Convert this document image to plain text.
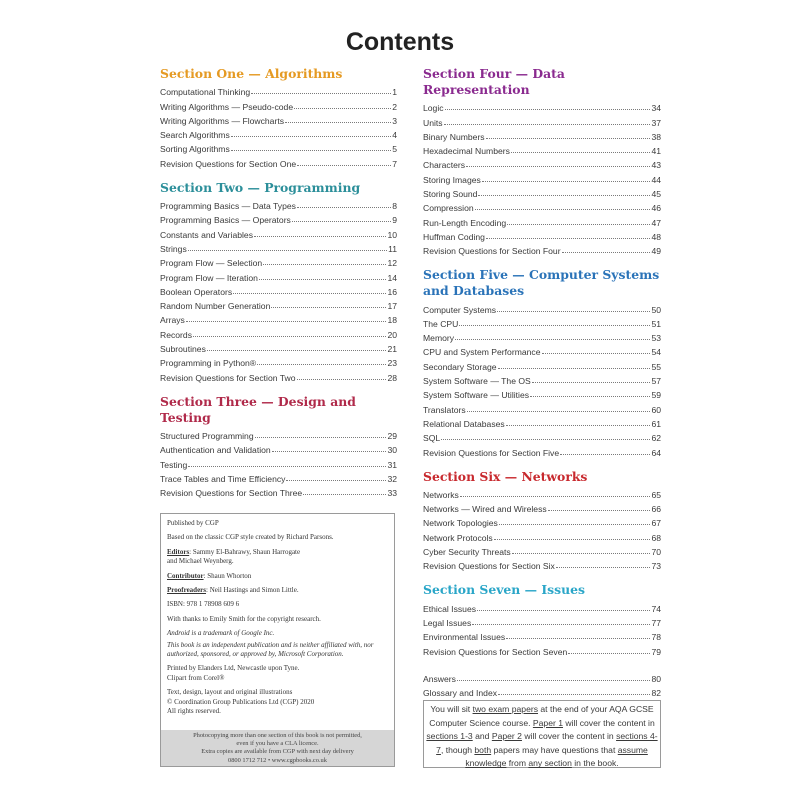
Contents
Section One — Algorithms
Computational Thinking	1
Writing Algorithms — Pseudo-code	2
Writing Algorithms — Flowcharts	3
Search Algorithms	4
Sorting Algorithms	5
Revision Questions for Section One	7
Section Two — Programming
Programming Basics — Data Types	8
Programming Basics — Operators	9
Constants and Variables	10
Strings	11
Program Flow — Selection	12
Program Flow — Iteration	14
Boolean Operators	16
Random Number Generation	17
Arrays	18
Records	20
Subroutines	21
Programming in Python®	23
Revision Questions for Section Two	28
Section Three — Design and Testing
Structured Programming	29
Authentication and Validation	30
Testing	31
Trace Tables and Time Efficiency	32
Revision Questions for Section Three	33
Section Four — Data Representation
Logic	34
Units	37
Binary Numbers	38
Hexadecimal Numbers	41
Characters	43
Storing Images	44
Storing Sound	45
Compression	46
Run-Length Encoding	47
Huffman Coding	48
Revision Questions for Section Four	49
Section Five — Computer Systems
and Databases
Computer Systems	50
The CPU	51
Memory	53
CPU and System Performance	54
Secondary Storage	55
System Software — The OS	57
System Software — Utilities	59
Translators	60
Relational Databases	61
SQL	62
Revision Questions for Section Five	64
Section Six — Networks
Networks	65
Networks — Wired and Wireless	66
Network Topologies	67
Network Protocols	68
Cyber Security Threats	70
Revision Questions for Section Six	73
Section Seven — Issues
Ethical Issues	74
Legal Issues	77
Environmental Issues	78
Revision Questions for Section Seven	79
Answers	80
Glossary and Index	82

Published by CGP

Based on the classic CGP style created by Richard Parsons.

Editors: Sammy El-Bahrawy, Shaun Harrogate
and Michael Weynberg.

Contributor: Shaun Whorton

Proofreaders: Neil Hastings and Simon Little.

ISBN: 978 1 78908 609 6

With thanks to Emily Smith for the copyright research.

Android is a trademark of Google Inc.

This book is an independent publication and is neither affiliated with, nor authorized, sponsored, or approved by, Microsoft Corporation.

Printed by Elanders Ltd, Newcastle upon Tyne.

Clipart from Corel®

Text, design, layout and original illustrations

© Coordination Group Publications Ltd (CGP) 2020

All rights reserved.

Photocopying more than one section of this book is not permitted,
even if you have a CLA licence.
Extra copies are available from CGP with next day delivery
0800 1712 712 • www.cgpbooks.co.uk
You will sit two exam papers at the end of your AQA GCSE Computer Science course. Paper 1 will cover the content in sections 1-3 and Paper 2 will cover the content in sections 4-7, though both papers may have questions that assume knowledge from any section in the book.
